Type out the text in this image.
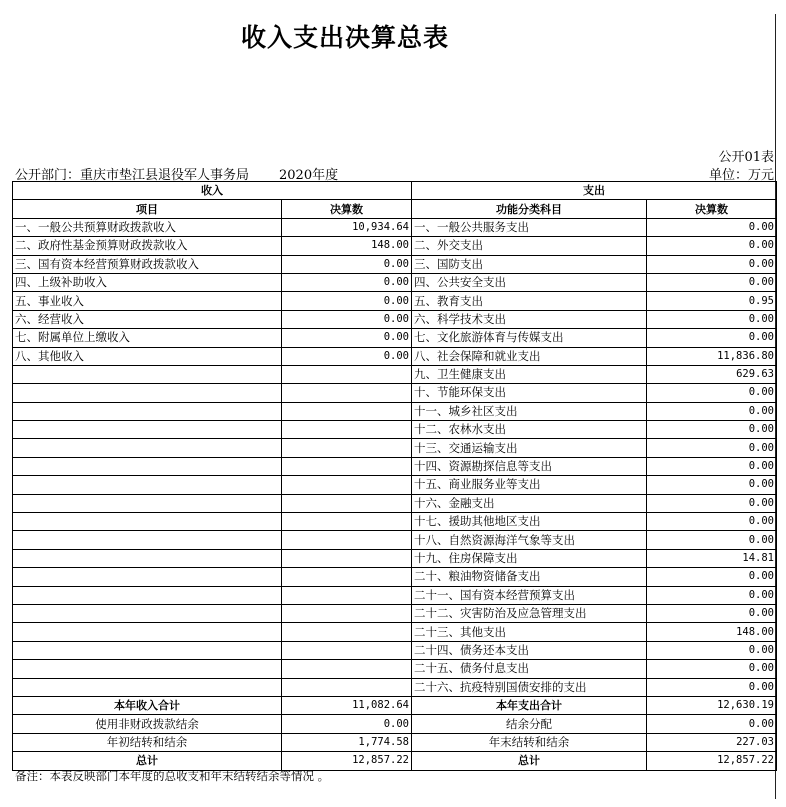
收入支出决算总表
公开01表
公开部门：重庆市垫江县退役军人事务局 2020年度	单位：万元
收入		支出	
项目	决算数	功能分类科目	决算数
一、一般公共预算财政拨款收入	10,934.64	一、一般公共服务支出	0.00
二、政府性基金预算财政拨款收入	148.00	二、外交支出	0.00
三、国有资本经营预算财政拨款收入	0.00	三、国防支出	0.00
四、上级补助收入	0.00	四、公共安全支出	0.00
五、事业收入	0.00	五、教育支出	0.95
六、经营收入	0.00	六、科学技术支出	0.00
七、附属单位上缴收入	0.00	七、文化旅游体育与传媒支出	0.00
八、其他收入	0.00	八、社会保障和就业支出	11,836.80
		九、卫生健康支出	629.63
		十、节能环保支出	0.00
		十一、城乡社区支出	0.00
		十二、农林水支出	0.00
		十三、交通运输支出	0.00
		十四、资源勘探信息等支出	0.00
		十五、商业服务业等支出	0.00
		十六、金融支出	0.00
		十七、援助其他地区支出	0.00
		十八、自然资源海洋气象等支出	0.00
		十九、住房保障支出	14.81
		二十、粮油物资储备支出	0.00
		二十一、国有资本经营预算支出	0.00
		二十二、灾害防治及应急管理支出	0.00
		二十三、其他支出	148.00
		二十四、债务还本支出	0.00
		二十五、债务付息支出	0.00
		二十六、抗疫特别国债安排的支出	0.00
本年收入合计	11,082.64	本年支出合计	12,630.19
使用非财政拨款结余	0.00	结余分配	0.00
年初结转和结余	1,774.58	年末结转和结余	227.03
总计	12,857.22	总计	12,857.22
备注：本表反映部门本年度的总收支和年末结转结余等情况 。
